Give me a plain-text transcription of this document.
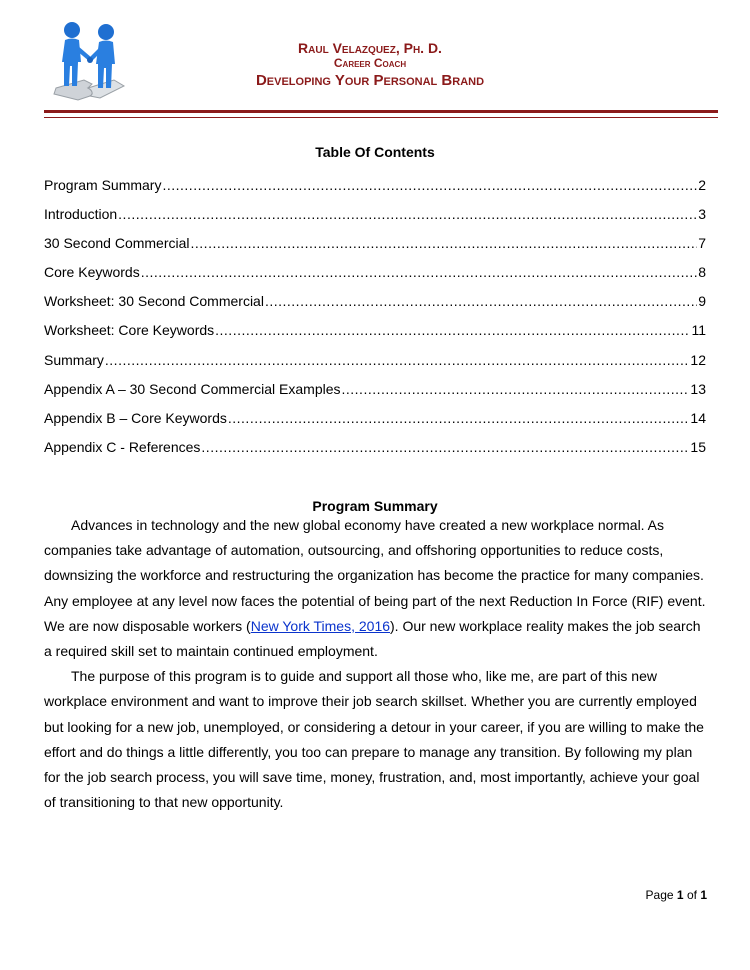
Raul Velazquez, Ph. D.
Career Coach
Developing Your Personal Brand
Table Of Contents
Program Summary .....	2
Introduction .....	3
30 Second Commercial .....	7
Core Keywords .....	8
Worksheet: 30 Second Commercial .....	9
Worksheet: Core Keywords .....	11
Summary .....	12
Appendix A – 30 Second Commercial Examples .....	13
Appendix B – Core Keywords .....	14
Appendix C - References .....	15
Program Summary

Advances in technology and the new global economy have created a new workplace normal. As companies take advantage of automation, outsourcing, and offshoring opportunities to reduce costs, downsizing the workforce and restructuring the organization has become the practice for many companies. Any employee at any level now faces the potential of being part of the next Reduction In Force (RIF) event. We are now disposable workers (New York Times, 2016). Our new workplace reality makes the job search a required skill set to maintain continued employment.

The purpose of this program is to guide and support all those who, like me, are part of this new workplace environment and want to improve their job search skillset. Whether you are currently employed but looking for a new job, unemployed, or considering a detour in your career, if you are willing to make the effort and do things a little differently, you too can prepare to manage any transition. By following my plan for the job search process, you will save time, money, frustration, and, most importantly, achieve your goal of transitioning to that new opportunity.

Page 1 of 1
